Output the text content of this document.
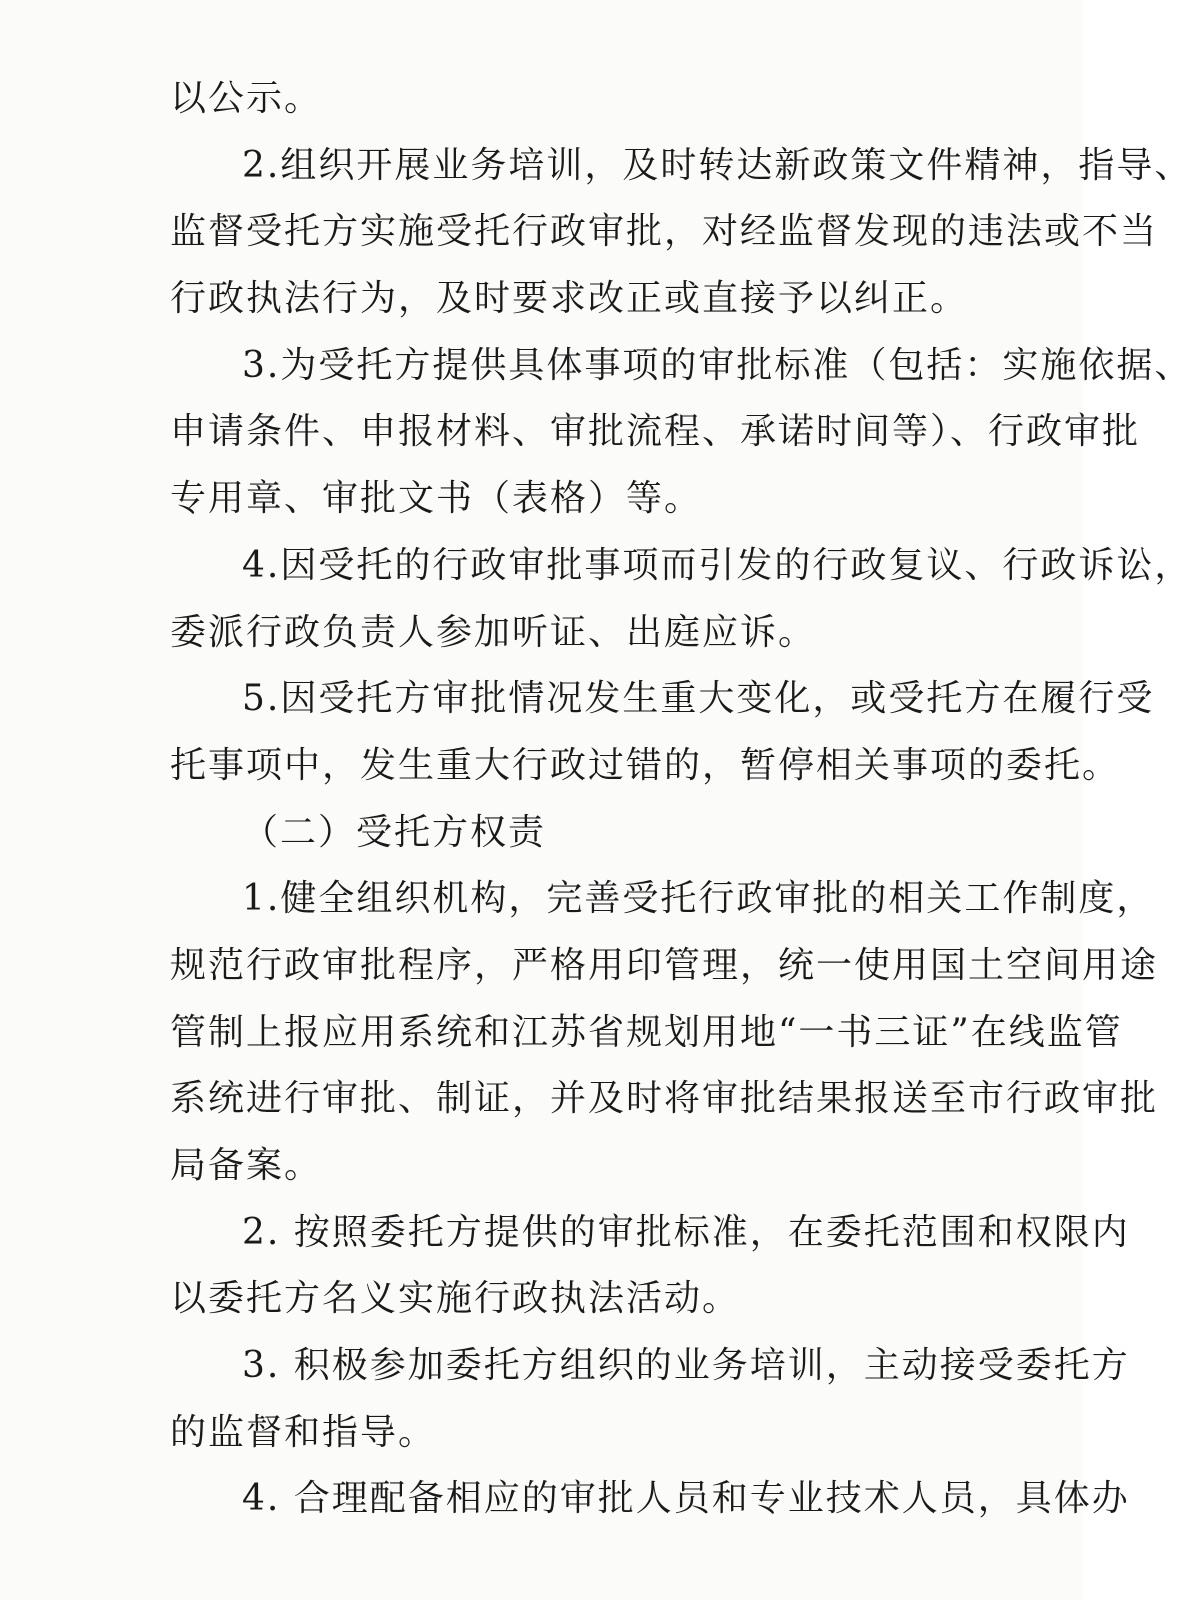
以公示。
2.组织开展业务培训，及时转达新政策文件精神，指导、
监督受托方实施受托行政审批，对经监督发现的违法或不当
行政执法行为，及时要求改正或直接予以纠正。
3.为受托方提供具体事项的审批标准（包括：实施依据、
申请条件、申报材料、审批流程、承诺时间等）、行政审批
专用章、审批文书（表格）等。
4.因受托的行政审批事项而引发的行政复议、行政诉讼，
委派行政负责人参加听证、出庭应诉。
5.因受托方审批情况发生重大变化，或受托方在履行受
托事项中，发生重大行政过错的，暂停相关事项的委托。
（二）受托方权责
1.健全组织机构，完善受托行政审批的相关工作制度，
规范行政审批程序，严格用印管理，统一使用国土空间用途
管制上报应用系统和江苏省规划用地“一书三证”在线监管
系统进行审批、制证，并及时将审批结果报送至市行政审批
局备案。
2. 按照委托方提供的审批标准，在委托范围和权限内
以委托方名义实施行政执法活动。
3. 积极参加委托方组织的业务培训，主动接受委托方
的监督和指导。
4. 合理配备相应的审批人员和专业技术人员，具体办
